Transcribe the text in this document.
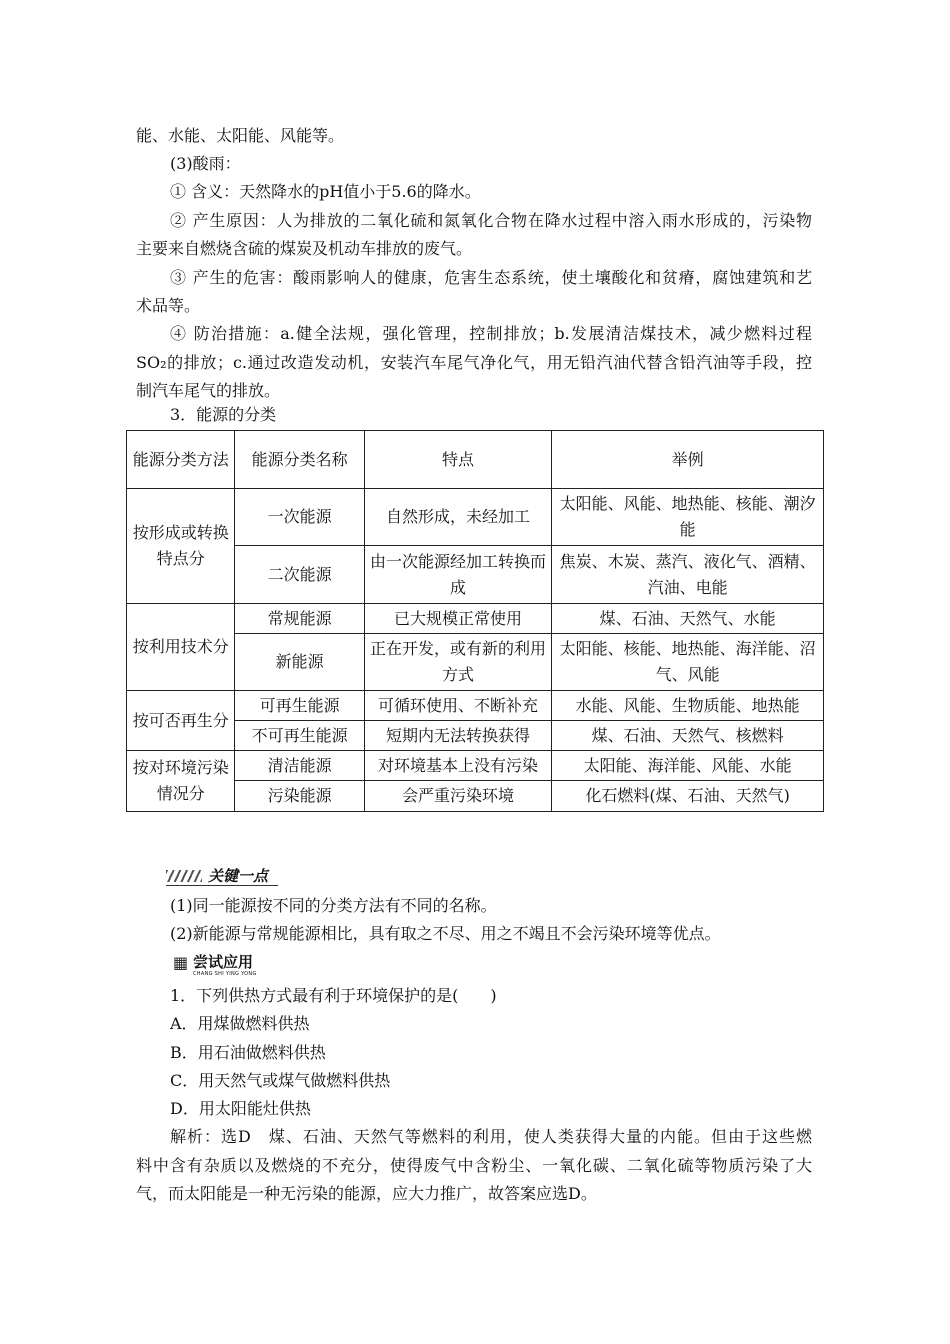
能、水能、太阳能、风能等。
(3)酸雨：
① 含义：天然降水的pH值小于5.6的降水。
② 产生原因：人为排放的二氧化硫和氮氧化合物在降水过程中溶入雨水形成的，污染物
主要来自燃烧含硫的煤炭及机动车排放的废气。
③ 产生的危害：酸雨影响人的健康，危害生态系统，使土壤酸化和贫瘠，腐蚀建筑和艺
术品等。
④ 防治措施：a.健全法规，强化管理，控制排放；b.发展清洁煤技术，减少燃料过程
SO₂的排放；c.通过改造发动机，安装汽车尾气净化气，用无铅汽油代替含铅汽油等手段，控
制汽车尾气的排放。
3．能源的分类
能源分类方法	能源分类名称	特点	举例
按形成或转换特点分	一次能源	自然形成，未经加工	太阳能、风能、地热能、核能、潮汐能
	二次能源	由一次能源经加工转换而成	焦炭、木炭、蒸汽、液化气、酒精、汽油、电能
按利用技术分	常规能源	已大规模正常使用	煤、石油、天然气、水能
	新能源	正在开发，或有新的利用方式	太阳能、核能、地热能、海洋能、沼气、风能
按可否再生分	可再生能源	可循环使用、不断补充	水能、风能、生物质能、地热能
	不可再生能源	短期内无法转换获得	煤、石油、天然气、核燃料
按对环境污染情况分	清洁能源	对环境基本上没有污染	太阳能、海洋能、风能、水能
	污染能源	会严重污染环境	化石燃料(煤、石油、天然气)
关键一点
(1)同一能源按不同的分类方法有不同的名称。
(2)新能源与常规能源相比，具有取之不尽、用之不竭且不会污染环境等优点。
▦ 尝试应用
CHANG SHI YING YONG
1．下列供热方式最有利于环境保护的是(　　)
A．用煤做燃料供热
B．用石油做燃料供热
C．用天然气或煤气做燃料供热
D．用太阳能灶供热
解析：选D　煤、石油、天然气等燃料的利用，使人类获得大量的内能。但由于这些燃
料中含有杂质以及燃烧的不充分，使得废气中含粉尘、一氧化碳、二氧化硫等物质污染了大
气，而太阳能是一种无污染的能源，应大力推广，故答案应选D。
